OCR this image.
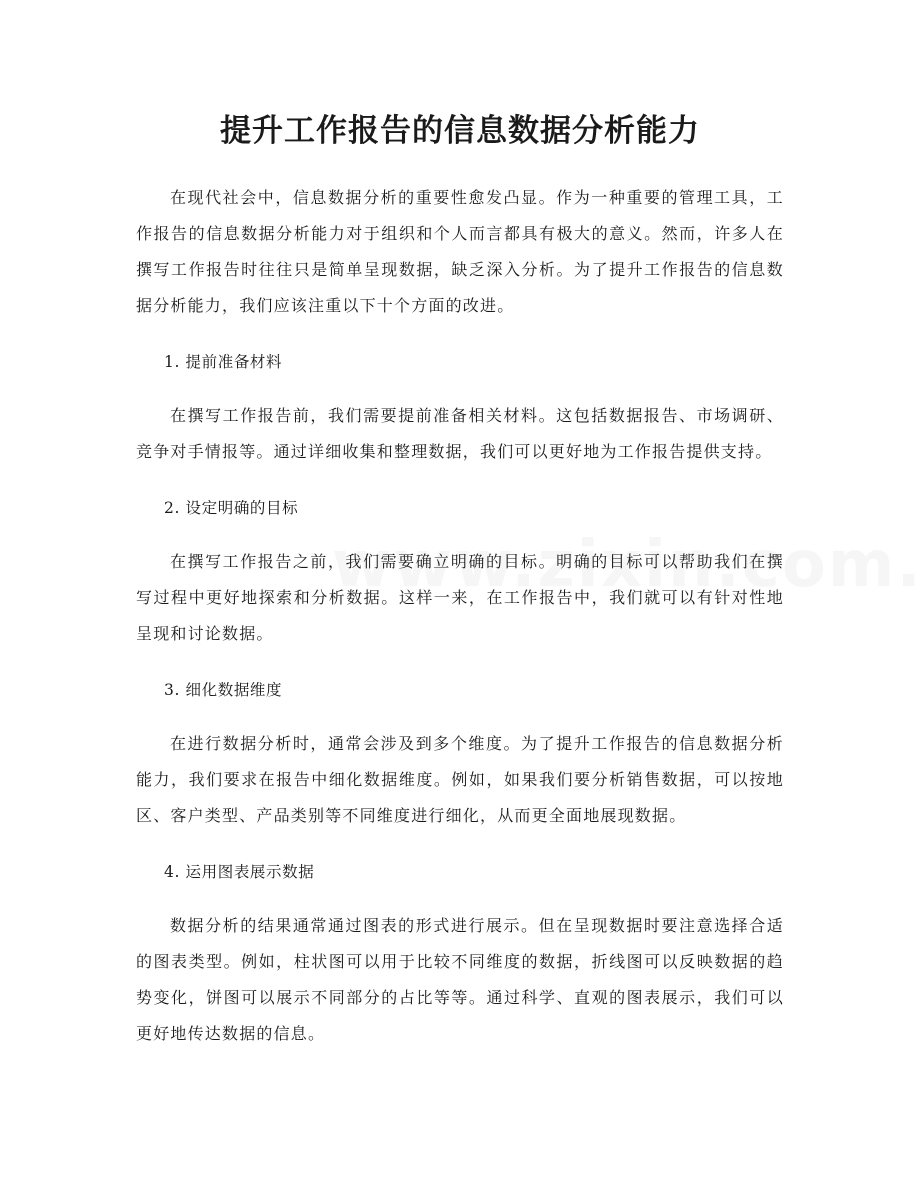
提升工作报告的信息数据分析能力

在现代社会中，信息数据分析的重要性愈发凸显。作为一种重要的管理工具，工作报告的信息数据分析能力对于组织和个人而言都具有极大的意义。然而，许多人在撰写工作报告时往往只是简单呈现数据，缺乏深入分析。为了提升工作报告的信息数据分析能力，我们应该注重以下十个方面的改进。

1. 提前准备材料

在撰写工作报告前，我们需要提前准备相关材料。这包括数据报告、市场调研、竞争对手情报等。通过详细收集和整理数据，我们可以更好地为工作报告提供支持。

2. 设定明确的目标

在撰写工作报告之前，我们需要确立明确的目标。明确的目标可以帮助我们在撰写过程中更好地探索和分析数据。这样一来，在工作报告中，我们就可以有针对性地呈现和讨论数据。

3. 细化数据维度

在进行数据分析时，通常会涉及到多个维度。为了提升工作报告的信息数据分析能力，我们要求在报告中细化数据维度。例如，如果我们要分析销售数据，可以按地区、客户类型、产品类别等不同维度进行细化，从而更全面地展现数据。

4. 运用图表展示数据

数据分析的结果通常通过图表的形式进行展示。但在呈现数据时要注意选择合适的图表类型。例如，柱状图可以用于比较不同维度的数据，折线图可以反映数据的趋势变化，饼图可以展示不同部分的占比等等。通过科学、直观的图表展示，我们可以更好地传达数据的信息。
